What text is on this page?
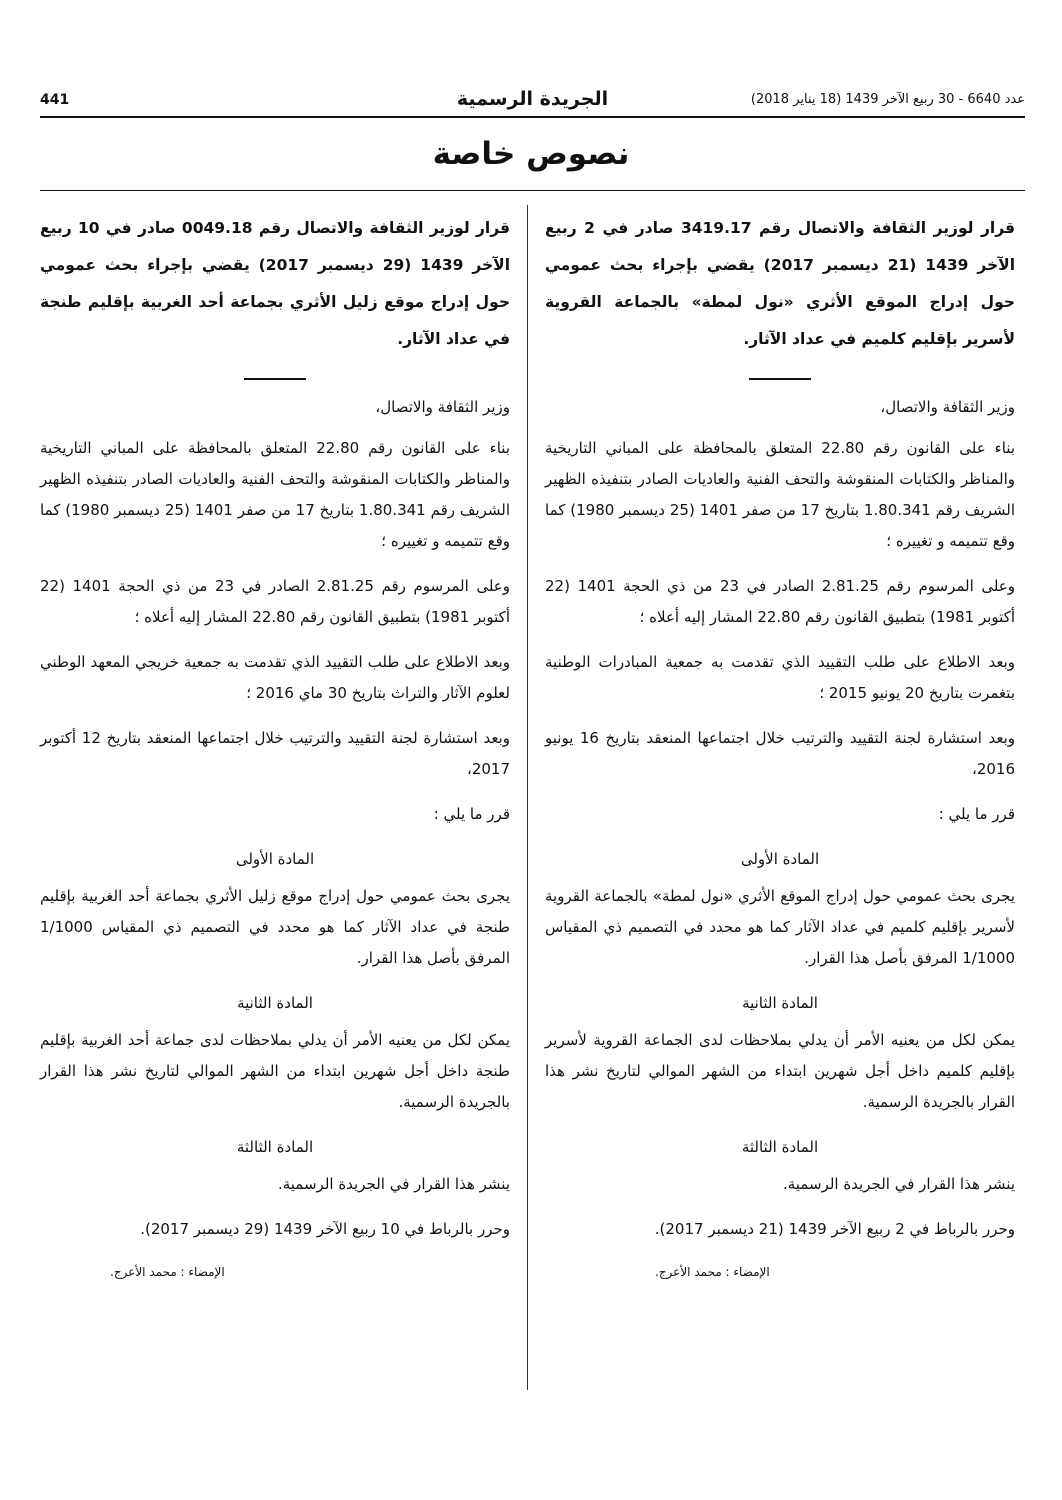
عدد 6640 - 30 ربيع الآخر 1439 (18 يناير 2018)
الجريدة الرسمية
441
نصوص خاصة

قرار لوزير الثقافة والاتصال رقم 3419.17 صادر في 2 ربيع الآخر 1439 (21 ديسمبر 2017) يقضي بإجراء بحث عمومي حول إدراج الموقع الأثري «نول لمطة» بالجماعة القروية لأسرير بإقليم كلميم في عداد الآثار.

وزير الثقافة والاتصال،

بناء على القانون رقم 22.80 المتعلق بالمحافظة على المباني التاريخية والمناظر والكتابات المنقوشة والتحف الفنية والعاديات الصادر بتنفيذه الظهير الشريف رقم 1.80.341 بتاريخ 17 من صفر 1401 (25 ديسمبر 1980) كما وقع تتميمه و تغييره ؛

وعلى المرسوم رقم 2.81.25 الصادر في 23 من ذي الحجة 1401 (22 أكتوبر 1981) بتطبيق القانون رقم 22.80 المشار إليه أعلاه ؛

وبعد الاطلاع على طلب التقييد الذي تقدمت به جمعية المبادرات الوطنية بتغمرت بتاريخ 20 يونيو 2015 ؛

وبعد استشارة لجنة التقييد والترتيب خلال اجتماعها المنعقد بتاريخ 16 يونيو 2016،

قرر ما يلي :

المادة الأولى

يجرى بحث عمومي حول إدراج الموقع الأثري «نول لمطة» بالجماعة القروية لأسرير بإقليم كلميم في عداد الآثار كما هو محدد في التصميم ذي المقياس 1/1000 المرفق بأصل هذا القرار.

المادة الثانية

يمكن لكل من يعنيه الأمر أن يدلي بملاحظات لدى الجماعة القروية لأسرير بإقليم كلميم داخل أجل شهرين ابتداء من الشهر الموالي لتاريخ نشر هذا القرار بالجريدة الرسمية.

المادة الثالثة

ينشر هذا القرار في الجريدة الرسمية.

وحرر بالرباط في 2 ربيع الآخر 1439 (21 ديسمبر 2017).

الإمضاء : محمد الأعرج.

قرار لوزير الثقافة والاتصال رقم 0049.18 صادر في 10 ربيع الآخر 1439 (29 ديسمبر 2017) يقضي بإجراء بحث عمومي حول إدراج موقع زليل الأثري بجماعة أحد الغربية بإقليم طنجة في عداد الآثار.

وزير الثقافة والاتصال،

بناء على القانون رقم 22.80 المتعلق بالمحافظة على المباني التاريخية والمناظر والكتابات المنقوشة والتحف الفنية والعاديات الصادر بتنفيذه الظهير الشريف رقم 1.80.341 بتاريخ 17 من صفر 1401 (25 ديسمبر 1980) كما وقع تتميمه و تغييره ؛

وعلى المرسوم رقم 2.81.25 الصادر في 23 من ذي الحجة 1401 (22 أكتوبر 1981) بتطبيق القانون رقم 22.80 المشار إليه أعلاه ؛

وبعد الاطلاع على طلب التقييد الذي تقدمت به جمعية خريجي المعهد الوطني لعلوم الآثار والتراث بتاريخ 30 ماي 2016 ؛

وبعد استشارة لجنة التقييد والترتيب خلال اجتماعها المنعقد بتاريخ 12 أكتوبر 2017،

قرر ما يلي :

المادة الأولى

يجرى بحث عمومي حول إدراج موقع زليل الأثري بجماعة أحد الغربية بإقليم طنجة في عداد الآثار كما هو محدد في التصميم ذي المقياس 1/1000 المرفق بأصل هذا القرار.

المادة الثانية

يمكن لكل من يعنيه الأمر أن يدلي بملاحظات لدى جماعة أحد الغربية بإقليم طنجة داخل أجل شهرين ابتداء من الشهر الموالي لتاريخ نشر هذا القرار بالجريدة الرسمية.

المادة الثالثة

ينشر هذا القرار في الجريدة الرسمية.

وحرر بالرباط في 10 ربيع الآخر 1439 (29 ديسمبر 2017).

الإمضاء : محمد الأعرج.
